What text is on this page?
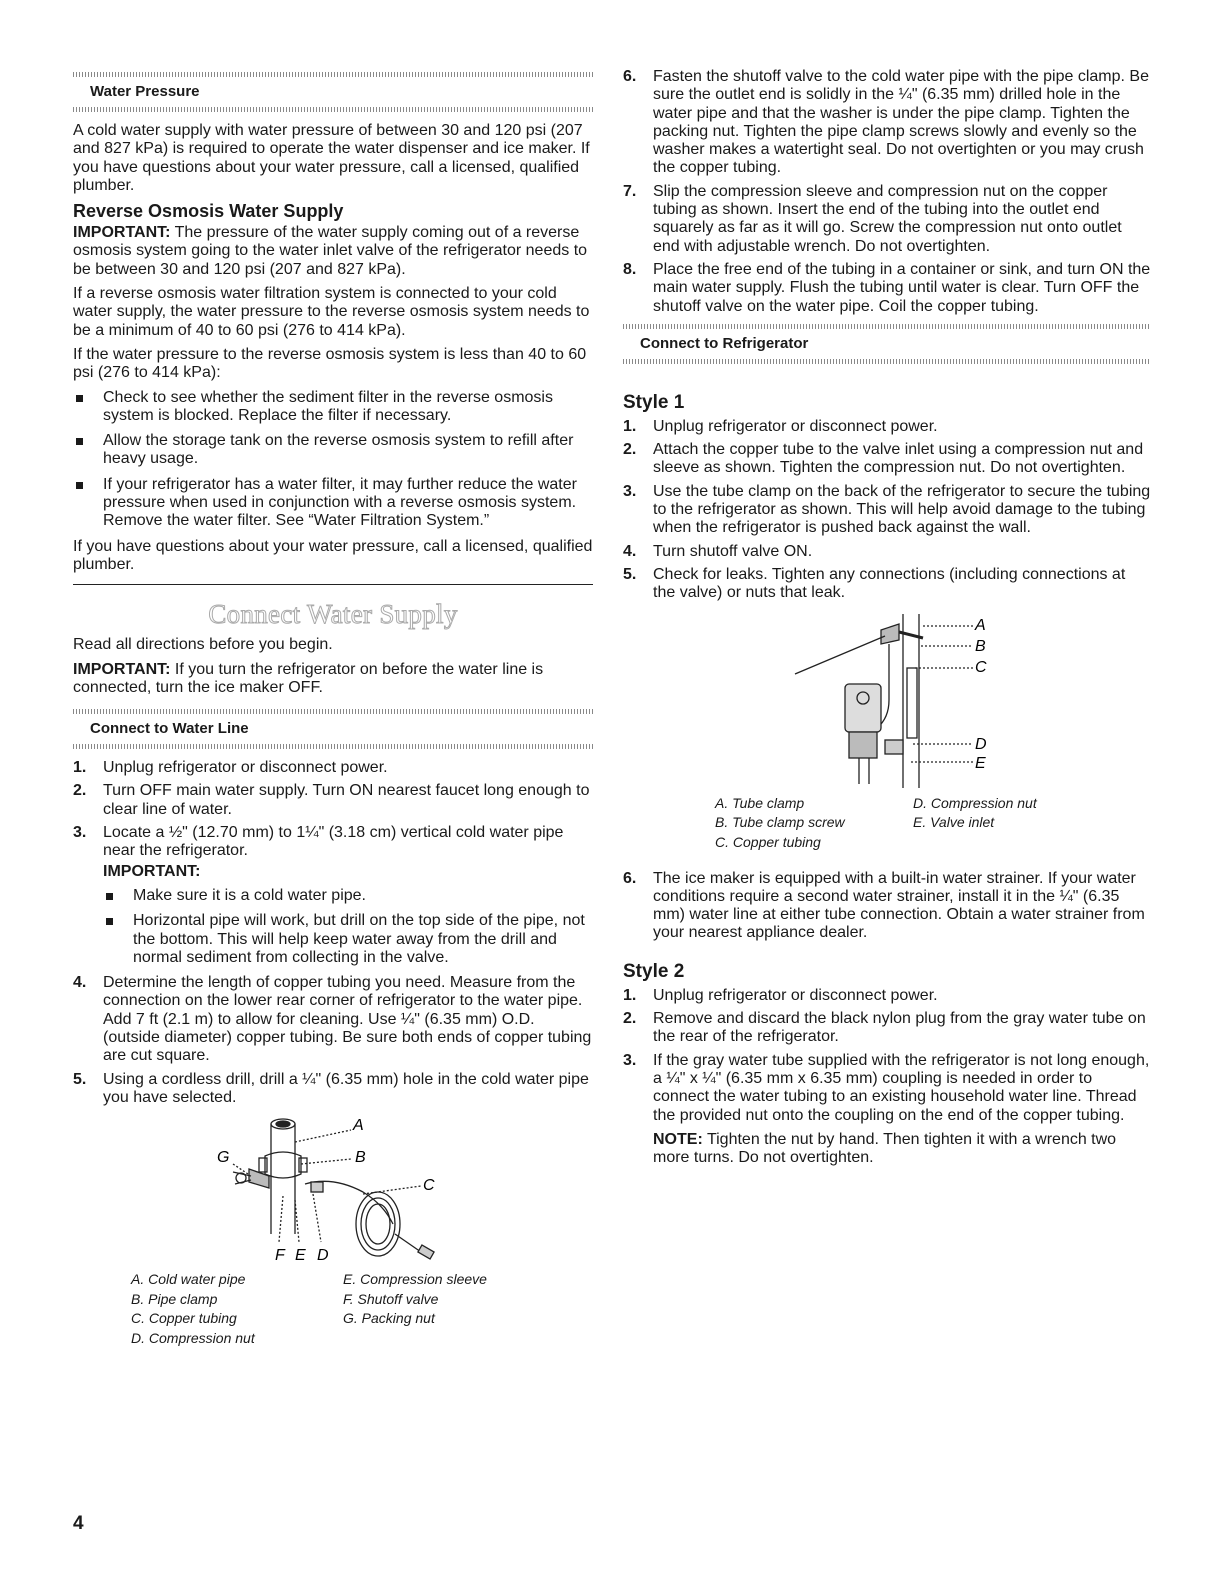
Water Pressure

A cold water supply with water pressure of between 30 and 120 psi (207 and 827 kPa) is required to operate the water dispenser and ice maker. If you have questions about your water pressure, call a licensed, qualified plumber.

Reverse Osmosis Water Supply

IMPORTANT: The pressure of the water supply coming out of a reverse osmosis system going to the water inlet valve of the refrigerator needs to be between 30 and 120 psi (207 and 827 kPa).

If a reverse osmosis water filtration system is connected to your cold water supply, the water pressure to the reverse osmosis system needs to be a minimum of 40 to 60 psi (276 to 414 kPa).

If the water pressure to the reverse osmosis system is less than 40 to 60 psi (276 to 414 kPa):

Check to see whether the sediment filter in the reverse osmosis system is blocked. Replace the filter if necessary.
Allow the storage tank on the reverse osmosis system to refill after heavy usage.
If your refrigerator has a water filter, it may further reduce the water pressure when used in conjunction with a reverse osmosis system. Remove the water filter. See “Water Filtration System.”

If you have questions about your water pressure, call a licensed, qualified plumber.

Connect Water Supply

Read all directions before you begin.

IMPORTANT: If you turn the refrigerator on before the water line is connected, turn the ice maker OFF.

Connect to Water Line
1. Unplug refrigerator or disconnect power.
2. Turn OFF main water supply. Turn ON nearest faucet long enough to clear line of water.
3. Locate a ½" (12.70 mm) to 1¼" (3.18 cm) vertical cold water pipe near the refrigerator.
IMPORTANT:
Make sure it is a cold water pipe.
Horizontal pipe will work, but drill on the top side of the pipe, not the bottom. This will help keep water away from the drill and normal sediment from collecting in the valve.
4. Determine the length of copper tubing you need. Measure from the connection on the lower rear corner of refrigerator to the water pipe. Add 7 ft (2.1 m) to allow for cleaning. Use ¼" (6.35 mm) O.D. (outside diameter) copper tubing. Be sure both ends of copper tubing are cut square.
5. Using a cordless drill, drill a ¼" (6.35 mm) hole in the cold water pipe you have selected.
A
B
C
G
F E D
A. Cold water pipe
B. Pipe clamp
C. Copper tubing
D. Compression nut
E. Compression sleeve
F. Shutoff valve
G. Packing nut
6. Fasten the shutoff valve to the cold water pipe with the pipe clamp. Be sure the outlet end is solidly in the ¼" (6.35 mm) drilled hole in the water pipe and that the washer is under the pipe clamp. Tighten the packing nut. Tighten the pipe clamp screws slowly and evenly so the washer makes a watertight seal. Do not overtighten or you may crush the copper tubing.
7. Slip the compression sleeve and compression nut on the copper tubing as shown. Insert the end of the tubing into the outlet end squarely as far as it will go. Screw the compression nut onto outlet end with adjustable wrench. Do not overtighten.
8. Place the free end of the tubing in a container or sink, and turn ON the main water supply. Flush the tubing until water is clear. Turn OFF the shutoff valve on the water pipe. Coil the copper tubing.
Connect to Refrigerator
Style 1
1. Unplug refrigerator or disconnect power.
2. Attach the copper tube to the valve inlet using a compression nut and sleeve as shown. Tighten the compression nut. Do not overtighten.
3. Use the tube clamp on the back of the refrigerator to secure the tubing to the refrigerator as shown. This will help avoid damage to the tubing when the refrigerator is pushed back against the wall.
4. Turn shutoff valve ON.
5. Check for leaks. Tighten any connections (including connections at the valve) or nuts that leak.
A
B
C
D
E
A. Tube clamp
B. Tube clamp screw
C. Copper tubing
D. Compression nut
E. Valve inlet
6. The ice maker is equipped with a built-in water strainer. If your water conditions require a second water strainer, install it in the ¼" (6.35 mm) water line at either tube connection. Obtain a water strainer from your nearest appliance dealer.
Style 2
1. Unplug refrigerator or disconnect power.
2. Remove and discard the black nylon plug from the gray water tube on the rear of the refrigerator.
3. If the gray water tube supplied with the refrigerator is not long enough, a ¼" x ¼" (6.35 mm x 6.35 mm) coupling is needed in order to connect the water tubing to an existing household water line. Thread the provided nut onto the coupling on the end of the copper tubing.

NOTE: Tighten the nut by hand. Then tighten it with a wrench two more turns. Do not overtighten.

4
